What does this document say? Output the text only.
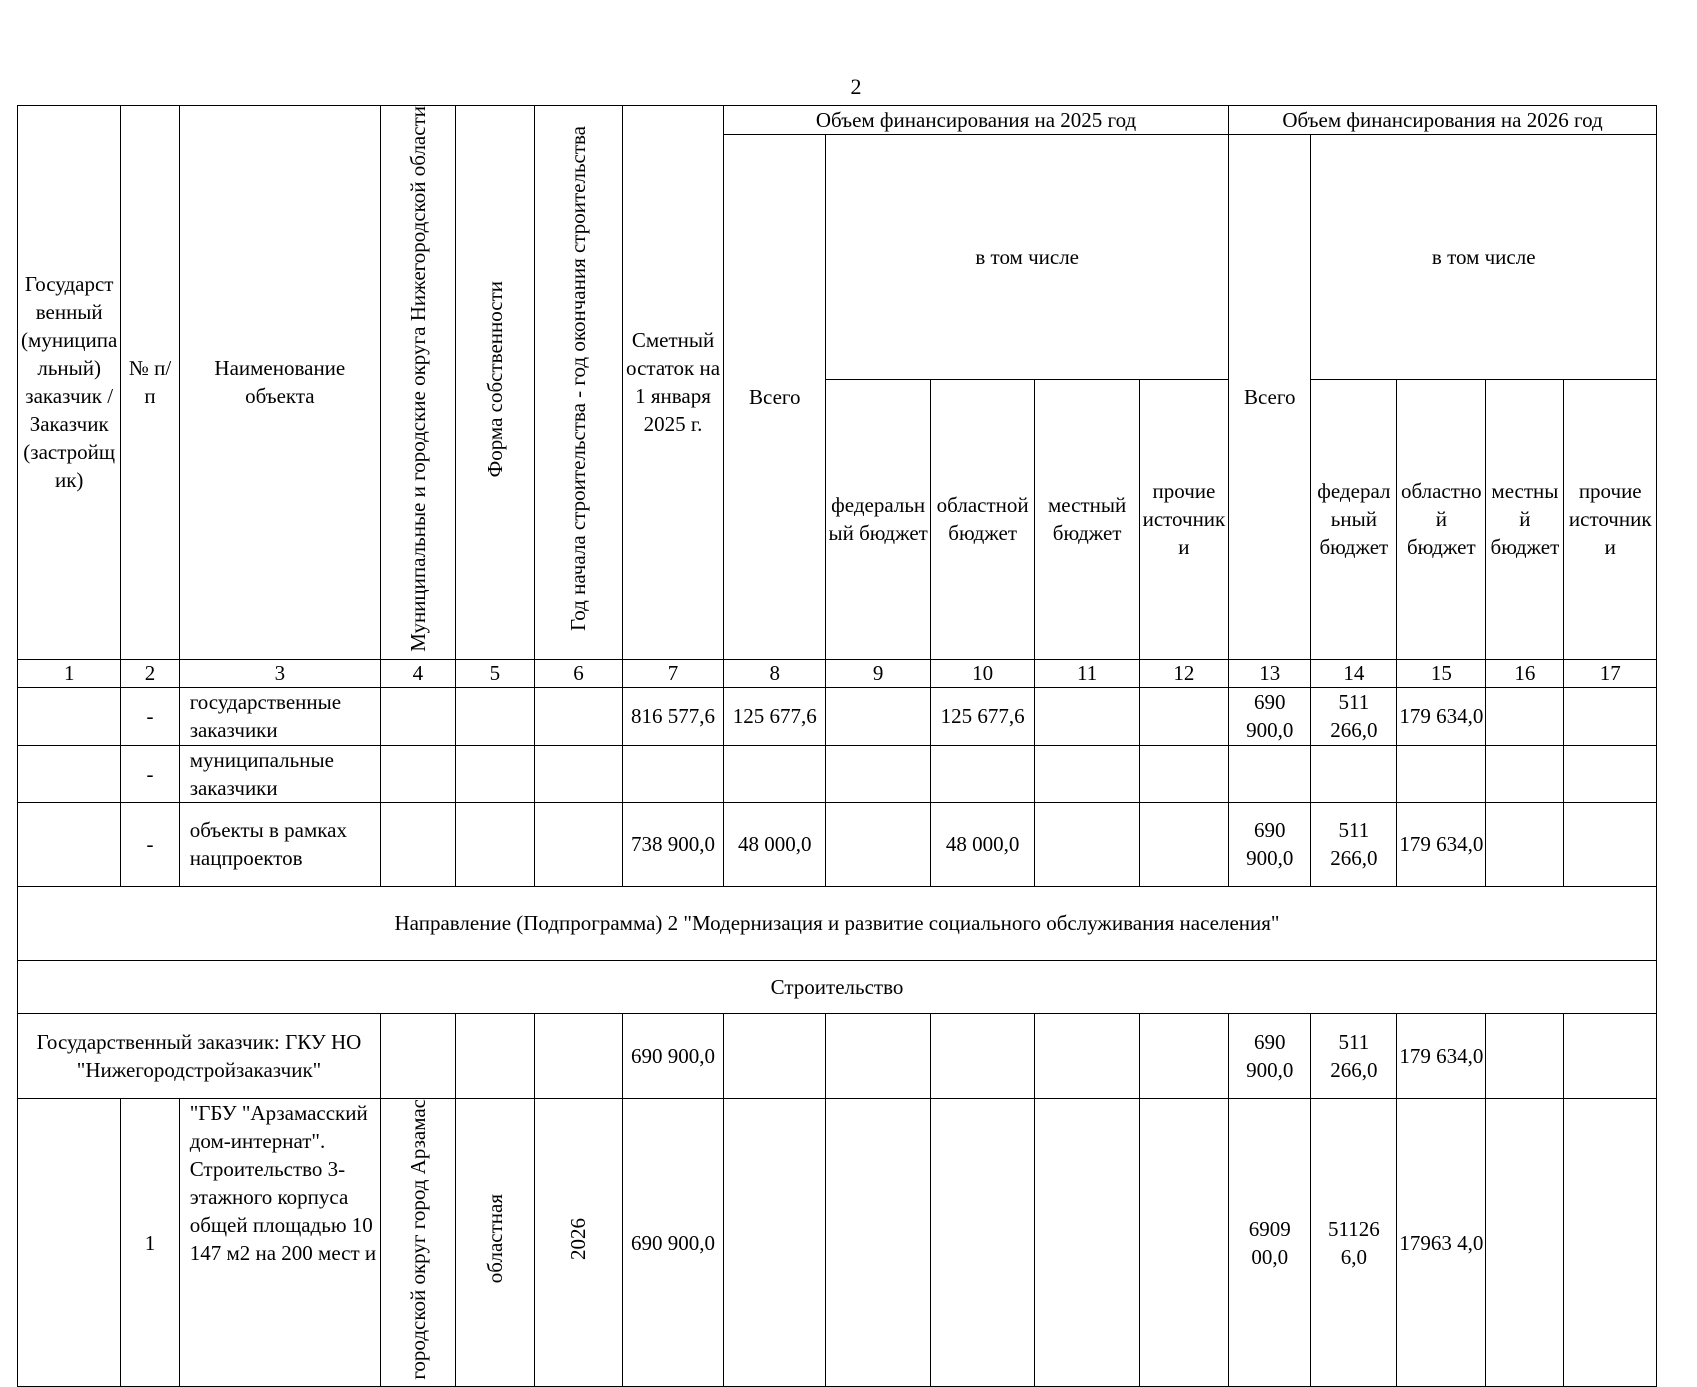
2
Государственный (муниципальный) заказчик / Заказчик (застройщик)	№ п/п	Наименование объекта	Муниципальные и городские округа Нижегородской области	Форма собственности	Год начала строительства - год окончания строительства	Сметный остаток на 1 января 2025 г.	Объем финансирования на 2025 год					Объем финансирования на 2026 год				
							Всего	в том числе				Всего	в том числе			
								федеральный бюджет	областной бюджет	местный бюджет	прочие источники		федеральный бюджет	областной бюджет	местный бюджет	прочие источники
1	2	3	4	5	6	7	8	9	10	11	12	13	14	15	16	17
	-	государственные заказчики				816 577,6	125 677,6		125 677,6			690 900,0	511 266,0	179 634,0		
	-	муниципальные заказчики														
	-	объекты в рамках нацпроектов				738 900,0	48 000,0		48 000,0			690 900,0	511 266,0	179 634,0		
Направление (Подпрограмма) 2 "Модернизация и развитие социального обслуживания населения"																
Строительство																
Государственный заказчик: ГКУ НО "Нижегородстройзаказчик"						690 900,0						690 900,0	511 266,0	179 634,0		
	1	"ГБУ "Арзамасский дом-интернат". Строительство 3-этажного корпуса общей площадью 10 147 м2 на 200 мест и	городской округ город Арзамас	областная	2026	690 900,0						6909 00,0	51126 6,0	17963 4,0		
